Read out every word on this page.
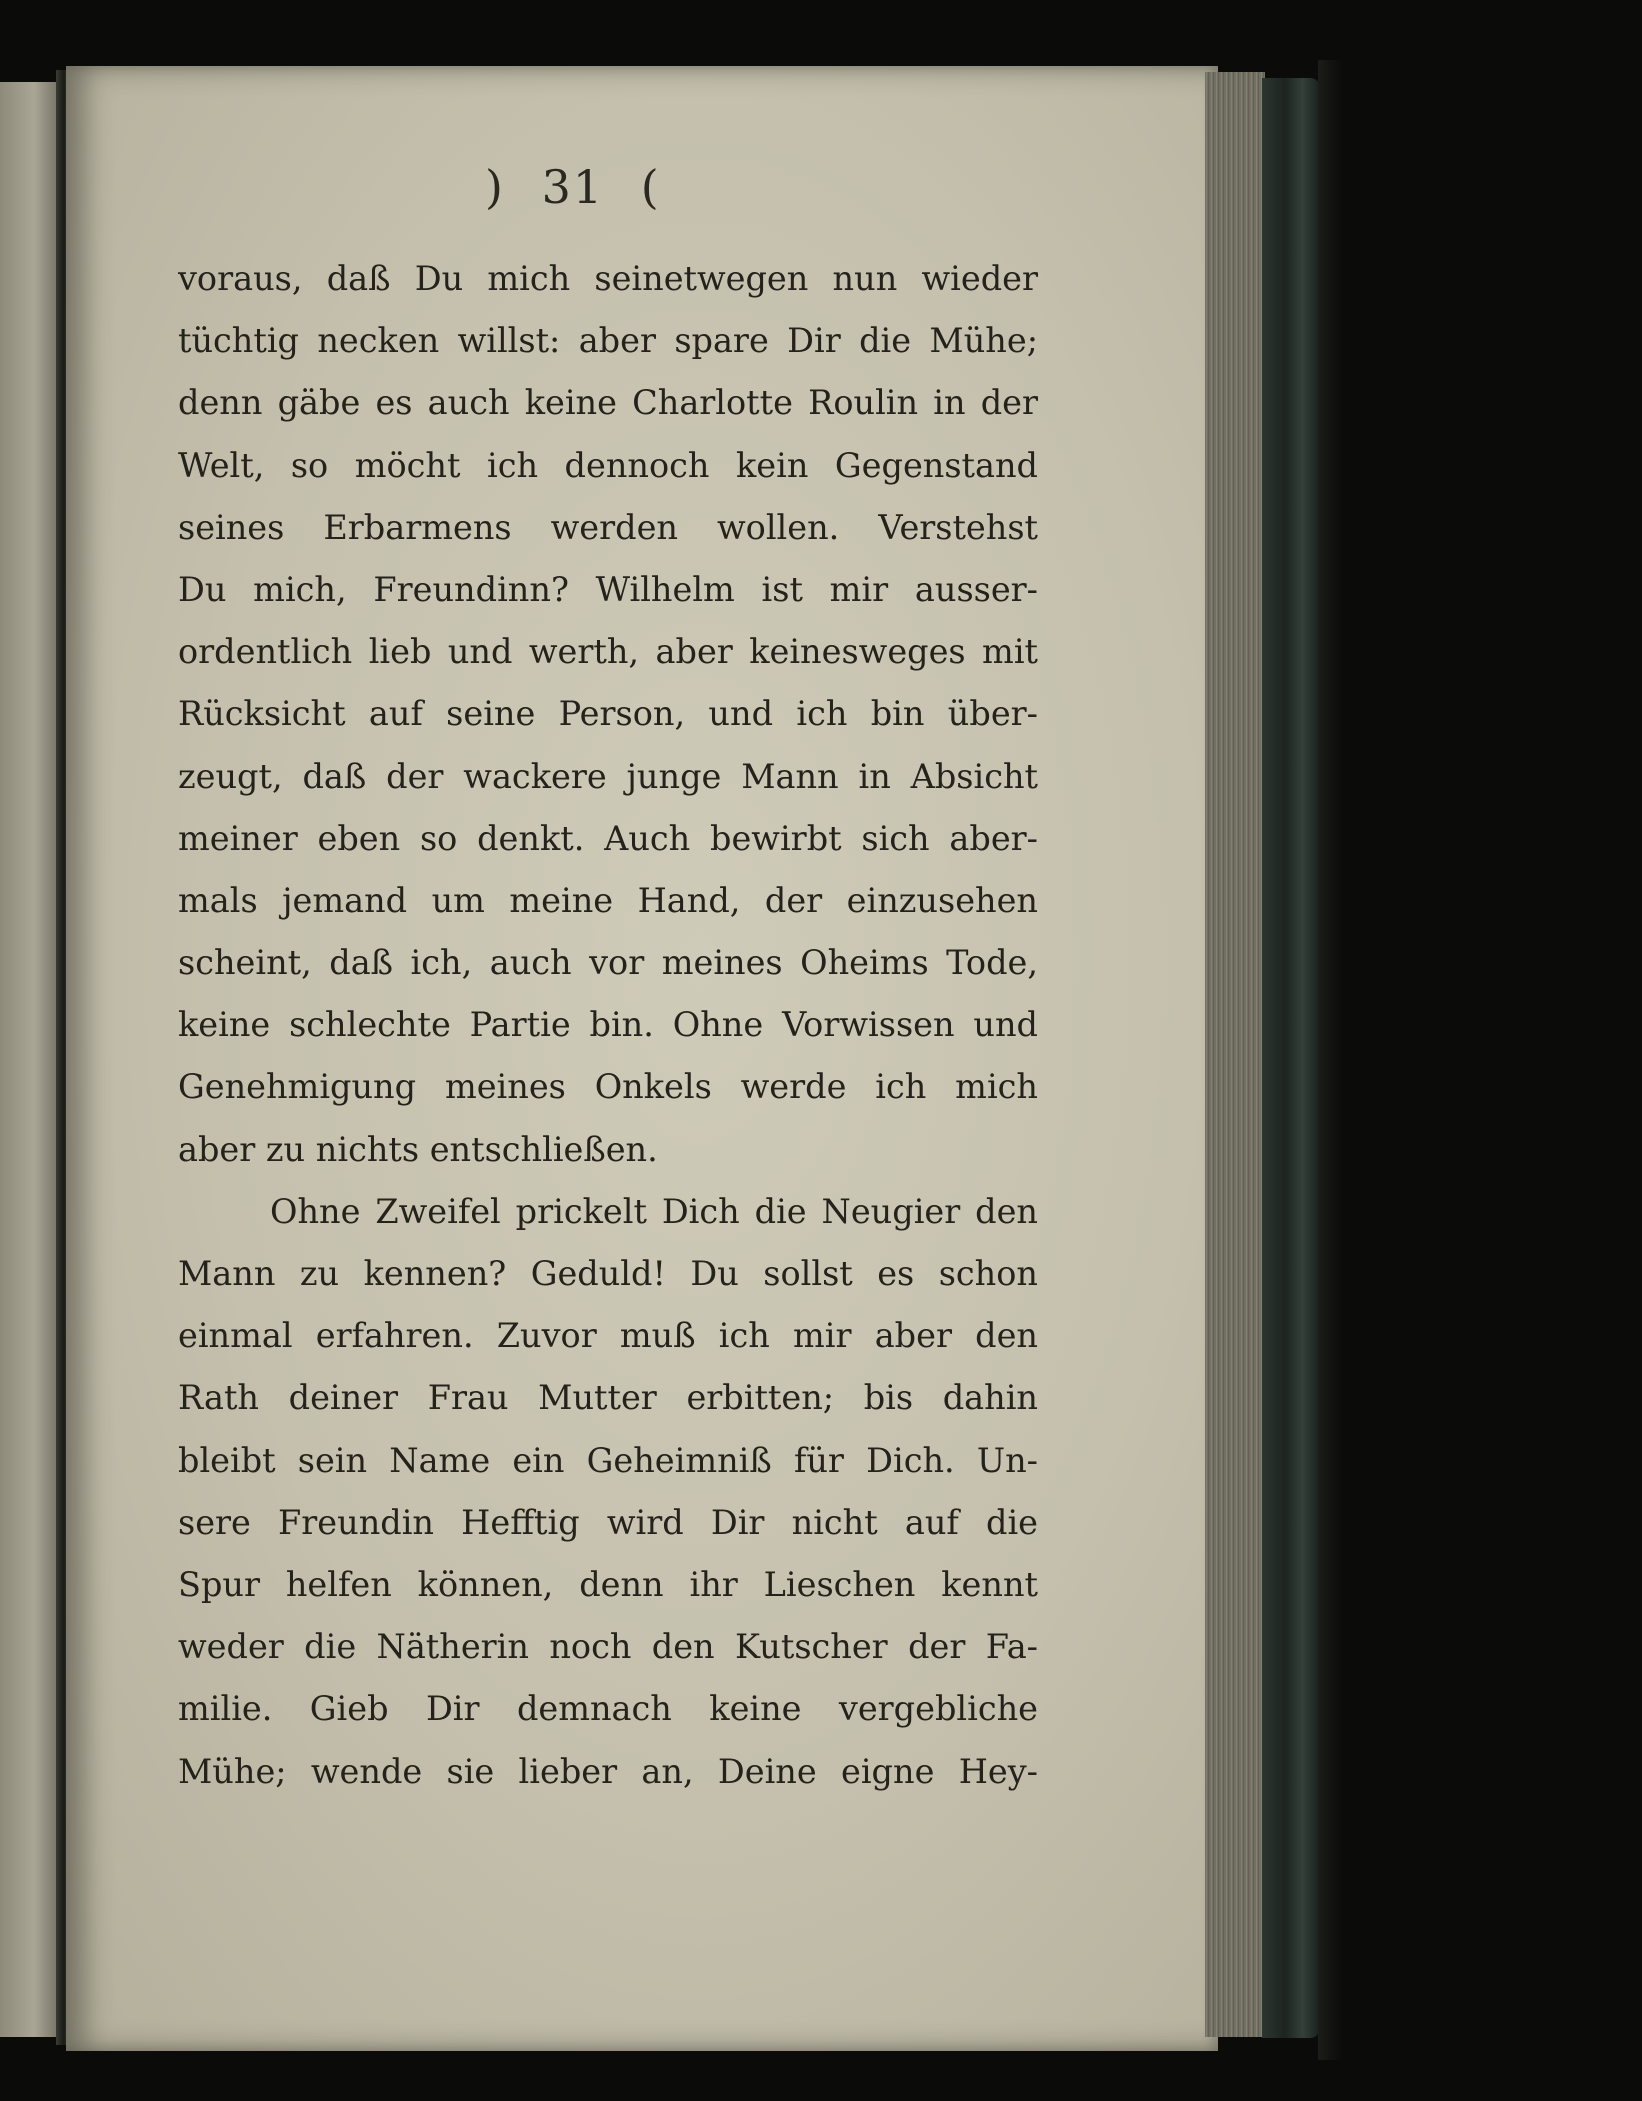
) 31 (
voraus, daß Du mich seinetwegen nun wieder
tüchtig necken willst: aber spare Dir die Mühe;
denn gäbe es auch keine Charlotte Roulin in der
Welt, so möcht ich dennoch kein Gegenstand
seines Erbarmens werden wollen. Verstehst
Du mich, Freundinn? Wilhelm ist mir ausser-
ordentlich lieb und werth, aber keinesweges mit
Rücksicht auf seine Person, und ich bin über-
zeugt, daß der wackere junge Mann in Absicht
meiner eben so denkt. Auch bewirbt sich aber-
mals jemand um meine Hand, der einzusehen
scheint, daß ich, auch vor meines Oheims Tode,
keine schlechte Partie bin. Ohne Vorwissen und
Genehmigung meines Onkels werde ich mich
aber zu nichts entschließen.
Ohne Zweifel prickelt Dich die Neugier den
Mann zu kennen? Geduld! Du sollst es schon
einmal erfahren. Zuvor muß ich mir aber den
Rath deiner Frau Mutter erbitten; bis dahin
bleibt sein Name ein Geheimniß für Dich. Un-
sere Freundin Hefftig wird Dir nicht auf die
Spur helfen können, denn ihr Lieschen kennt
weder die Nätherin noch den Kutscher der Fa-
milie. Gieb Dir demnach keine vergebliche
Mühe; wende sie lieber an, Deine eigne Hey-
